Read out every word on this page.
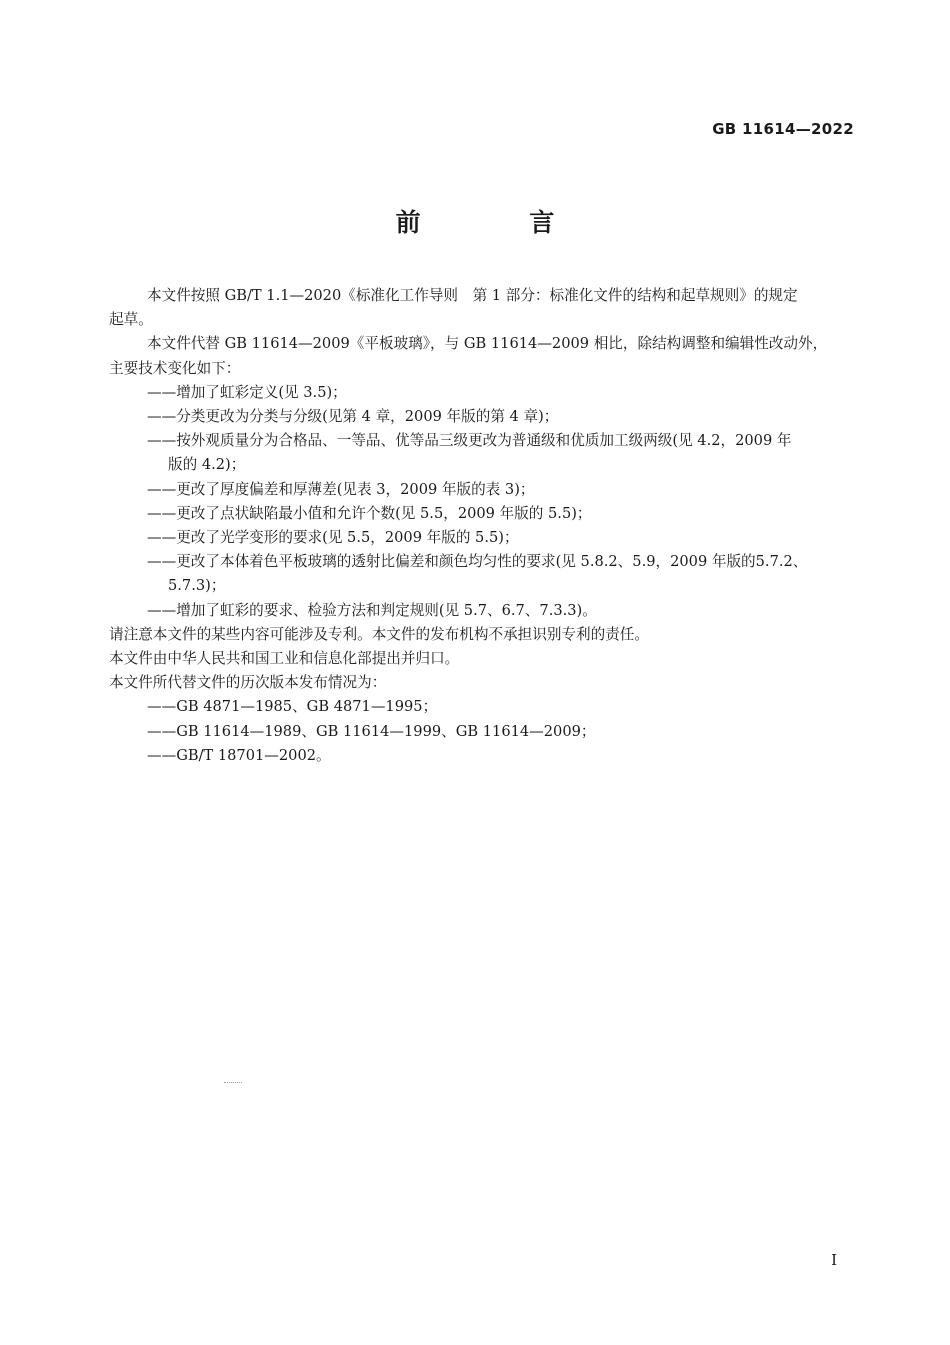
GB 11614—2022
前 言

本文件按照 GB/T 1.1—2020《标准化工作导则　第 1 部分：标准化文件的结构和起草规则》的规定
起草。

本文件代替 GB 11614—2009《平板玻璃》，与 GB 11614—2009 相比，除结构调整和编辑性改动外，
主要技术变化如下：

——增加了虹彩定义(见 3.5)；

——分类更改为分类与分级(见第 4 章，2009 年版的第 4 章)；

——按外观质量分为合格品、一等品、优等品三级更改为普通级和优质加工级两级(见 4.2，2009 年
版的 4.2)；

——更改了厚度偏差和厚薄差(见表 3，2009 年版的表 3)；

——更改了点状缺陷最小值和允许个数(见 5.5，2009 年版的 5.5)；

——更改了光学变形的要求(见 5.5，2009 年版的 5.5)；

——更改了本体着色平板玻璃的透射比偏差和颜色均匀性的要求(见 5.8.2、5.9，2009 年版的5.7.2、
5.7.3)；

——增加了虹彩的要求、检验方法和判定规则(见 5.7、6.7、7.3.3)。

请注意本文件的某些内容可能涉及专利。本文件的发布机构不承担识别专利的责任。

本文件由中华人民共和国工业和信息化部提出并归口。

本文件所代替文件的历次版本发布情况为：

——GB 4871—1985、GB 4871—1995；

——GB 11614—1989、GB 11614—1999、GB 11614—2009；

——GB/T 18701—2002。

I
